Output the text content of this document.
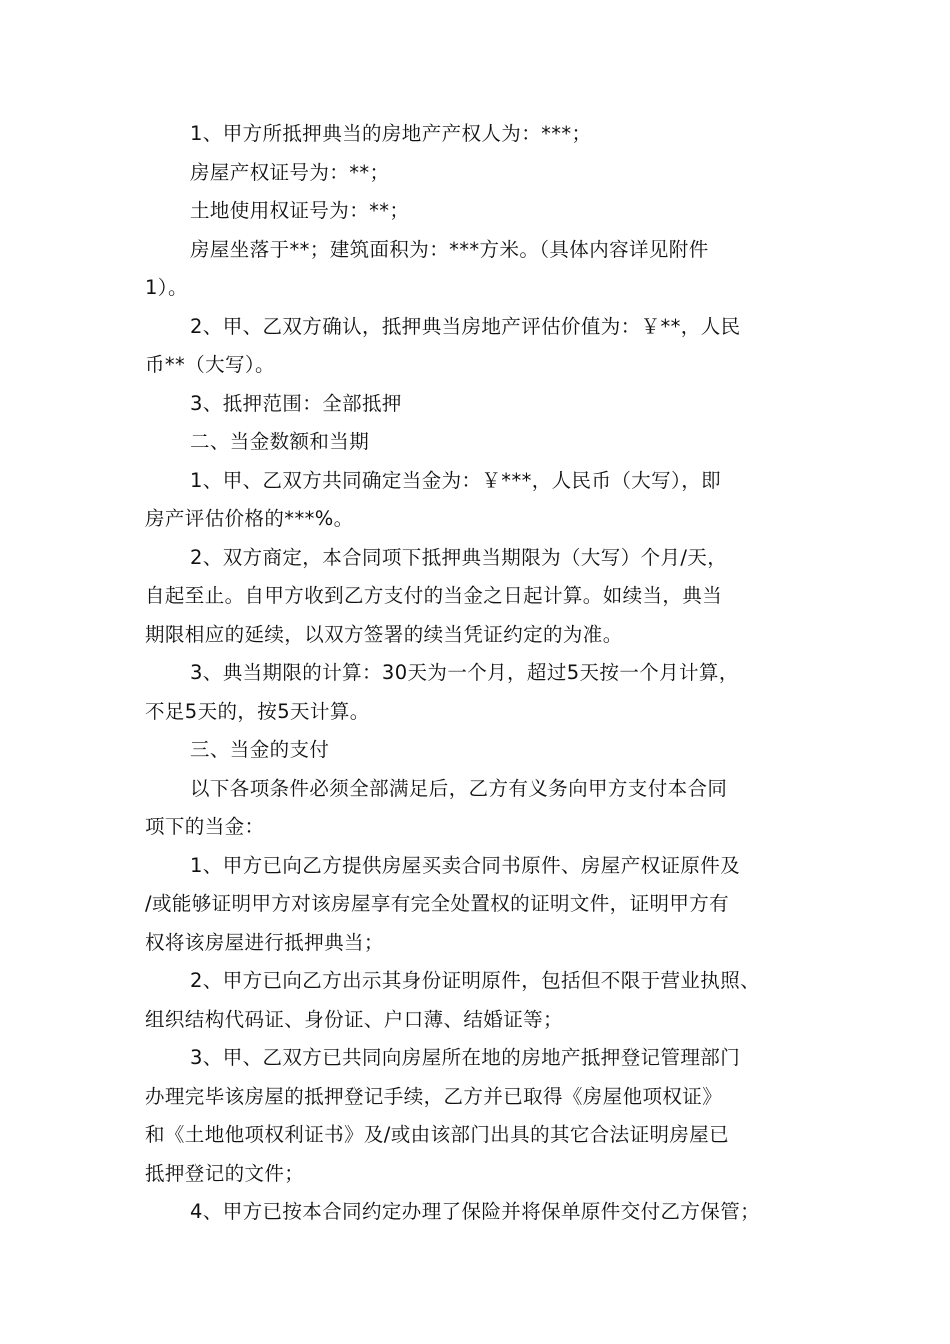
1、甲方所抵押典当的房地产产权人为：***；

房屋产权证号为：**；

土地使用权证号为：**；

房屋坐落于**；建筑面积为：***方米。（具体内容详见附件
1）。

2、甲、乙双方确认，抵押典当房地产评估价值为：￥**，人民
币**（大写）。

3、抵押范围：全部抵押

二、当金数额和当期

1、甲、乙双方共同确定当金为：￥***，人民币（大写），即
房产评估价格的***%。

2、双方商定，本合同项下抵押典当期限为（大写）个月/天，
自起至止。自甲方收到乙方支付的当金之日起计算。如续当，典当
期限相应的延续，以双方签署的续当凭证约定的为准。

3、典当期限的计算：30天为一个月，超过5天按一个月计算，
不足5天的，按5天计算。

三、当金的支付

以下各项条件必须全部满足后，乙方有义务向甲方支付本合同
项下的当金：

1、甲方已向乙方提供房屋买卖合同书原件、房屋产权证原件及
/或能够证明甲方对该房屋享有完全处置权的证明文件，证明甲方有
权将该房屋进行抵押典当；

2、甲方已向乙方出示其身份证明原件，包括但不限于营业执照、
组织结构代码证、身份证、户口薄、结婚证等；

3、甲、乙双方已共同向房屋所在地的房地产抵押登记管理部门
办理完毕该房屋的抵押登记手续，乙方并已取得《房屋他项权证》
和《土地他项权利证书》及/或由该部门出具的其它合法证明房屋已
抵押登记的文件；

4、甲方已按本合同约定办理了保险并将保单原件交付乙方保管；
